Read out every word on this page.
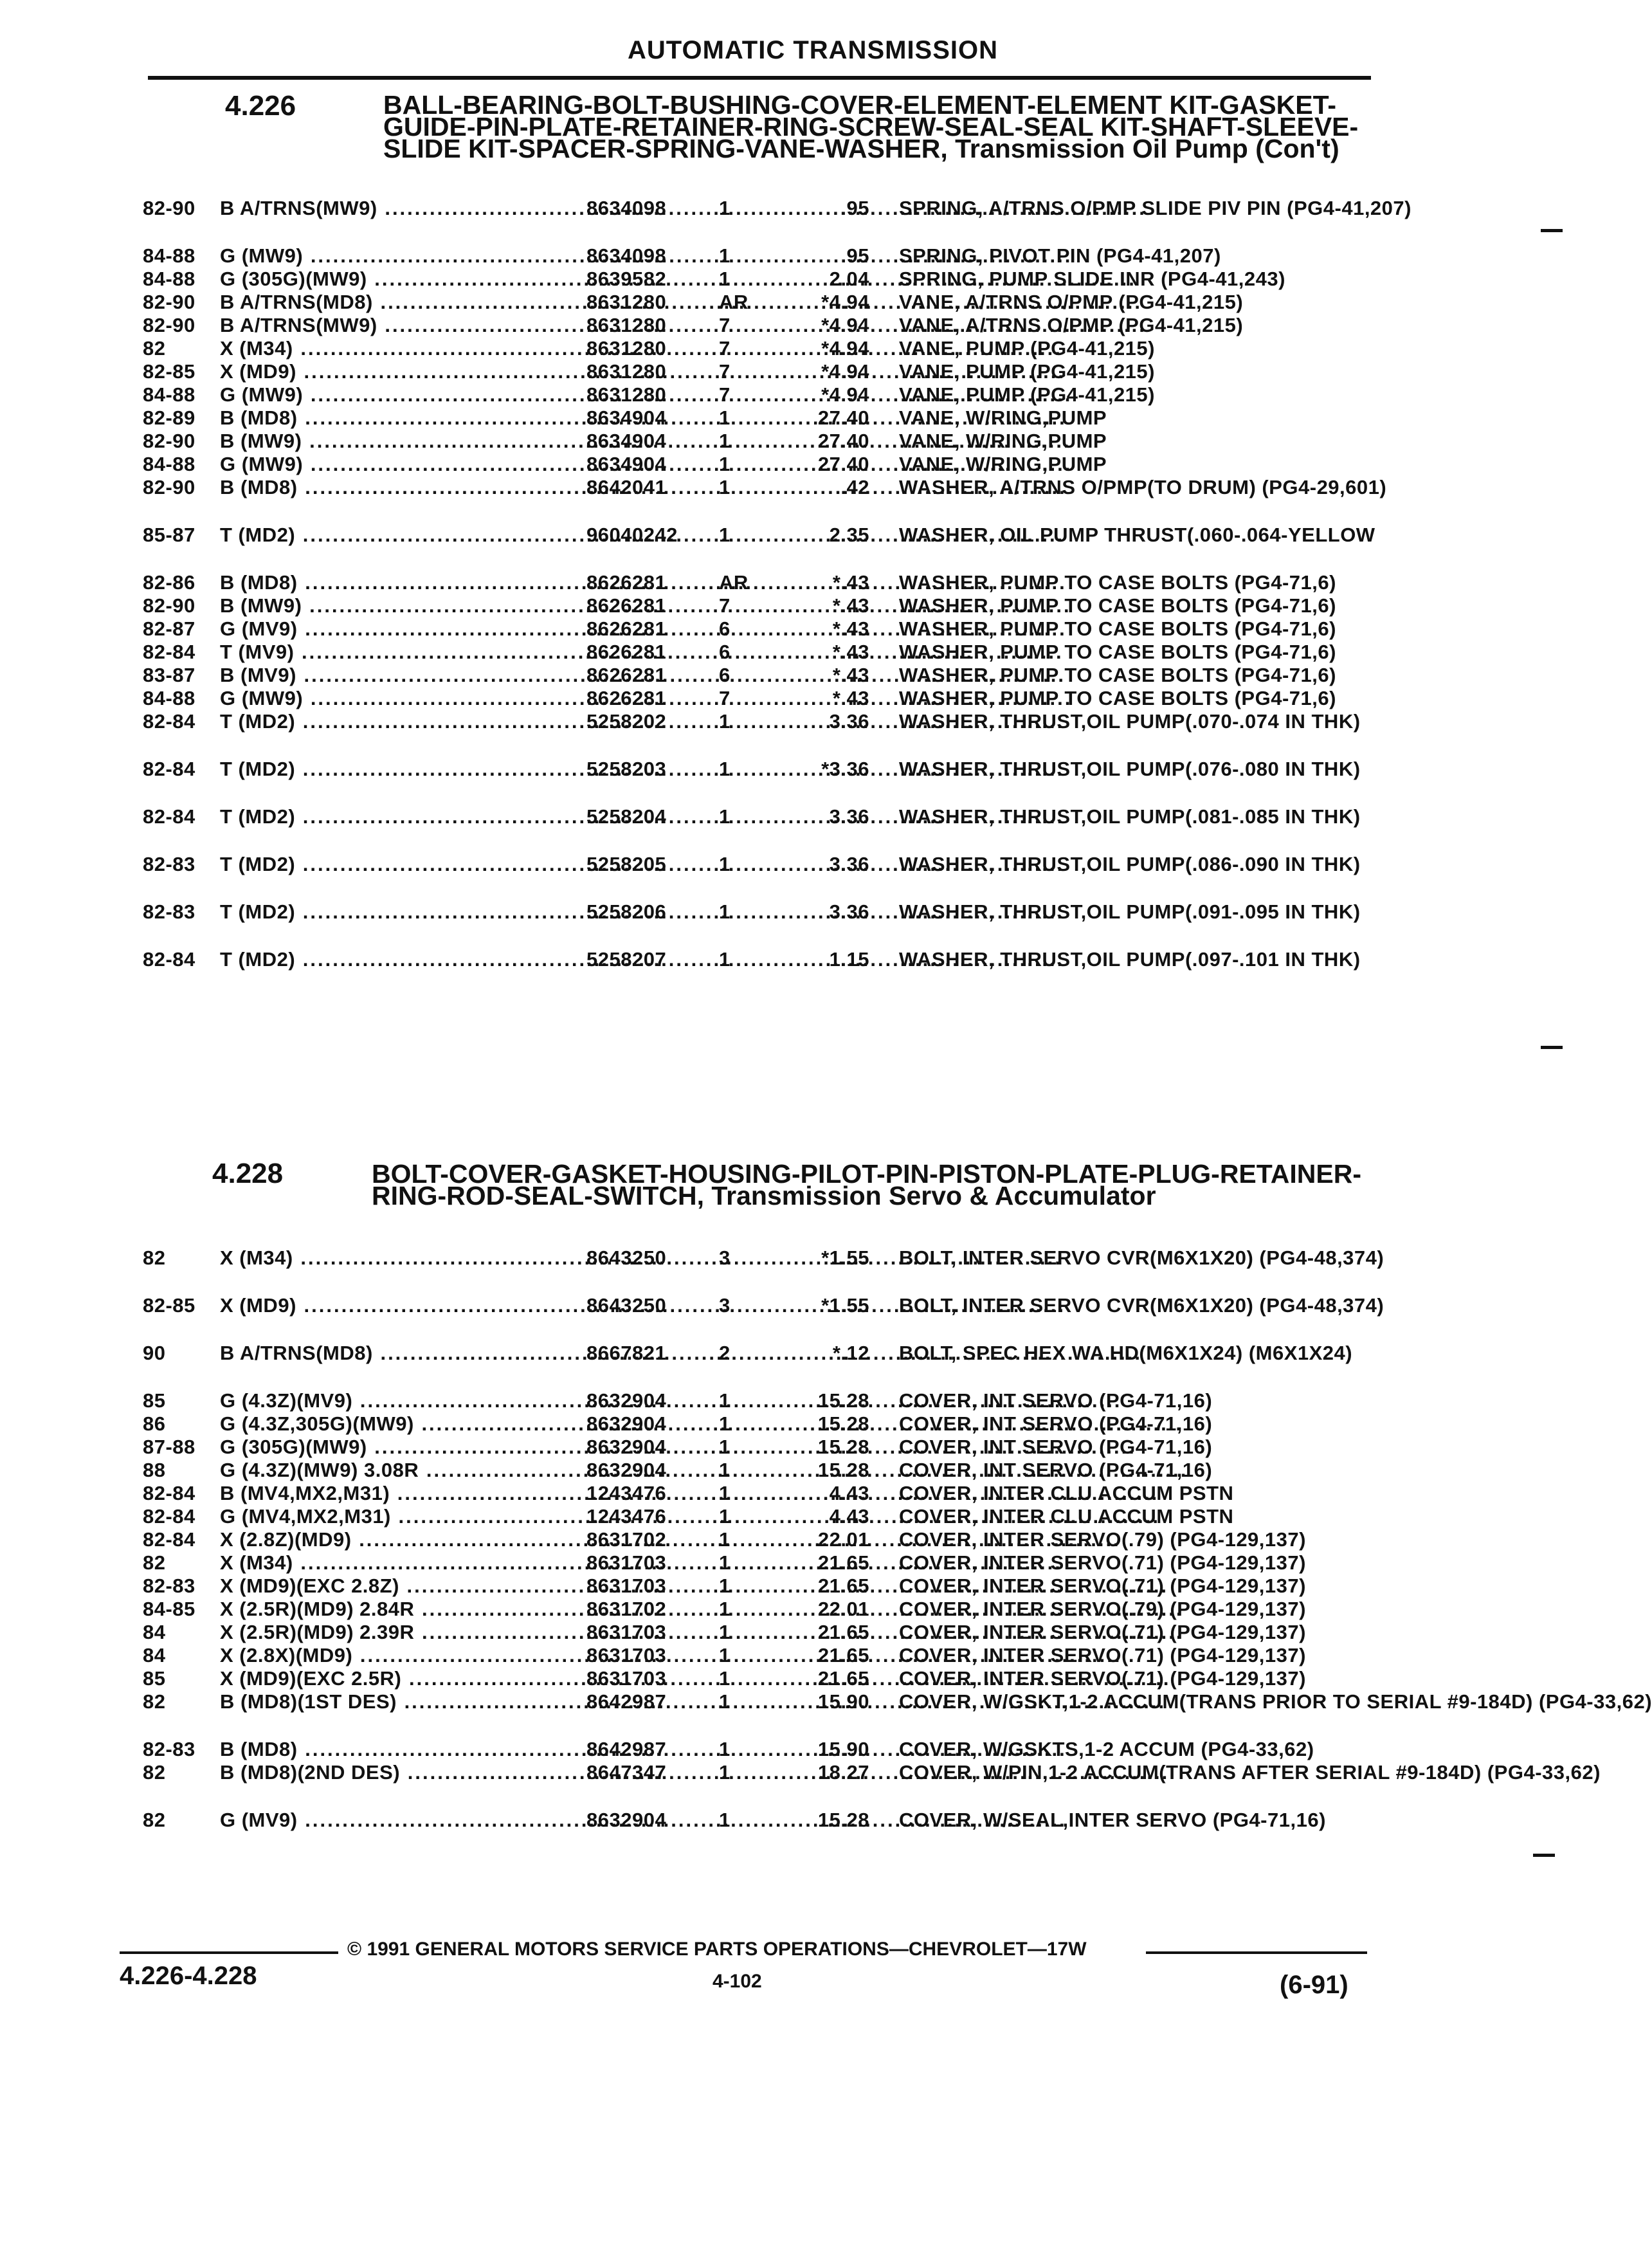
AUTOMATIC TRANSMISSION
4.226	BALL-BEARING-BOLT-BUSHING-COVER-ELEMENT-ELEMENT KIT-GASKET-GUIDE-PIN-PLATE-RETAINER-RING-SCREW-SEAL-SEAL KIT-SHAFT-SLEEVE-SLIDE KIT-SPACER-SPRING-VANE-WASHER, Transmission Oil Pump (Con't)
82-90 B A/TRNS(MW9) .....	8634098	1	.95 SPRING, A/TRNS O/PMP SLIDE PIV PIN (PG4-41,207)
84-88 G (MW9) .....	8634098	1	.95 SPRING, PIVOT PIN (PG4-41,207)
84-88 G (305G)(MW9) .....	8639582	1	2.04 SPRING, PUMP SLIDE INR (PG4-41,243)
82-90 B A/TRNS(MD8) .....	8631280	AR	*4.94 VANE, A/TRNS O/PMP (PG4-41,215)
82-90 B A/TRNS(MW9) .....	8631280	7	*4.94 VANE, A/TRNS O/PMP (PG4-41,215)
82	X (M34) .....	8631280	7	*4.94 VANE, PUMP (PG4-41,215)
82-85 X (MD9) .....	8631280	7	*4.94 VANE, PUMP (PG4-41,215)
84-88 G (MW9) .....	8631280	7	*4.94 VANE, PUMP (PG4-41,215)
82-89 B (MD8) .....	8634904	1	27.40 VANE, W/RING,PUMP
82-90 B (MW9) .....	8634904	1	27.40 VANE, W/RING,PUMP
84-88 G (MW9) .....	8634904	1	27.40 VANE, W/RING,PUMP
82-90 B (MD8) .....	8642041	1	.42 WASHER, A/TRNS O/PMP(TO DRUM) (PG4-29,601)
85-87 T (MD2) .....	96040242 1	2.35 WASHER, OIL PUMP THRUST(.060-.064-YELLOW
82-86 B (MD8) .....	8626281	AR	*.43 WASHER, PUMP TO CASE BOLTS (PG4-71,6)
82-90 B (MW9) .....	8626281	7	*.43 WASHER, PUMP TO CASE BOLTS (PG4-71,6)
82-87 G (MV9) .....	8626281	6	*.43 WASHER, PUMP TO CASE BOLTS (PG4-71,6)
82-84 T (MV9) .....	8626281	6	*.43 WASHER, PUMP TO CASE BOLTS (PG4-71,6)
83-87 B (MV9) .....	8626281	6	*.43 WASHER, PUMP TO CASE BOLTS (PG4-71,6)
84-88 G (MW9) .....	8626281	7	*.43 WASHER, PUMP TO CASE BOLTS (PG4-71,6)
82-84 T (MD2) .....	5258202	1	3.36 WASHER, THRUST,OIL PUMP(.070-.074 IN THK)
82-84 T (MD2) .....	5258203	1	*3.36 WASHER, THRUST,OIL PUMP(.076-.080 IN THK)
82-84 T (MD2) .....	5258204	1	3.36 WASHER, THRUST,OIL PUMP(.081-.085 IN THK)
82-83 T (MD2) .....	5258205	1	3.36 WASHER, THRUST,OIL PUMP(.086-.090 IN THK)
82-83 T (MD2) .....	5258206	1	3.36 WASHER, THRUST,OIL PUMP(.091-.095 IN THK)
82-84 T (MD2) .....	5258207	1	1.15 WASHER, THRUST,OIL PUMP(.097-.101 IN THK)
4.228	BOLT-COVER-GASKET-HOUSING-PILOT-PIN-PISTON-PLATE-PLUG-RETAINER-RING-ROD-SEAL-SWITCH, Transmission Servo & Accumulator
82	X (M34) .....	8643250	3	*1.55 BOLT, INTER SERVO CVR(M6X1X20) (PG4-48,374)
82-85 X (MD9) .....	8643250	3	*1.55 BOLT, INTER SERVO CVR(M6X1X20) (PG4-48,374)
90	B A/TRNS(MD8) .....	8667821	2	*.12 BOLT, SPEC HEX WA HD(M6X1X24) (M6X1X24)
85	G (4.3Z)(MV9) .....	8632904	1	15.28 COVER, INT SERVO (PG4-71,16)
86	G (4.3Z,305G)(MW9) .....	8632904	1	15.28 COVER, INT SERVO (PG4-71,16)
87-88 G (305G)(MW9) .....	8632904	1	15.28 COVER, INT SERVO (PG4-71,16)
88	G (4.3Z)(MW9) 3.08R .....	8632904	1	15.28 COVER, INT SERVO (PG4-71,16)
82-84 B (MV4,MX2,M31) .....	1243476	1	4.43 COVER, INTER CLU ACCUM PSTN
82-84 G (MV4,MX2,M31) .....	1243476	1	4.43 COVER, INTER CLU ACCUM PSTN
82-84 X (2.8Z)(MD9) .....	8631702	1	22.01 COVER, INTER SERVO(.79) (PG4-129,137)
82	X (M34) .....	8631703	1	21.65 COVER, INTER SERVO(.71) (PG4-129,137)
82-83 X (MD9)(EXC 2.8Z) .....	8631703	1	21.65 COVER, INTER SERVO(.71) (PG4-129,137)
84-85 X (2.5R)(MD9) 2.84R .....	8631702	1	22.01 COVER, INTER SERVO(.79) (PG4-129,137)
84	X (2.5R)(MD9) 2.39R .....	8631703	1	21.65 COVER, INTER SERVO(.71) (PG4-129,137)
84	X (2.8X)(MD9) .....	8631703	1	21.65 COVER, INTER SERVO(.71) (PG4-129,137)
85	X (MD9)(EXC 2.5R) .....	8631703	1	21.65 COVER, INTER SERVO(.71) (PG4-129,137)
82	B (MD8)(1ST DES) .....	8642987	1	15.90 COVER, W/GSKT,1-2 ACCUM(TRANS PRIOR TO SERIAL #9-184D) (PG4-33,62)
82-83 B (MD8) .....	8642987	1	15.90 COVER, W/GSKTS,1-2 ACCUM (PG4-33,62)
82	B (MD8)(2ND DES) .....	8647347	1	18.27 COVER, W/PIN,1-2 ACCUM(TRANS AFTER SERIAL #9-184D) (PG4-33,62)
82	G (MV9) .....	8632904	1	15.28 COVER, W/SEAL,INTER SERVO (PG4-71,16)
© 1991 GENERAL MOTORS SERVICE PARTS OPERATIONS—CHEVROLET—17W
4.226-4.228	4-102	(6-91)
